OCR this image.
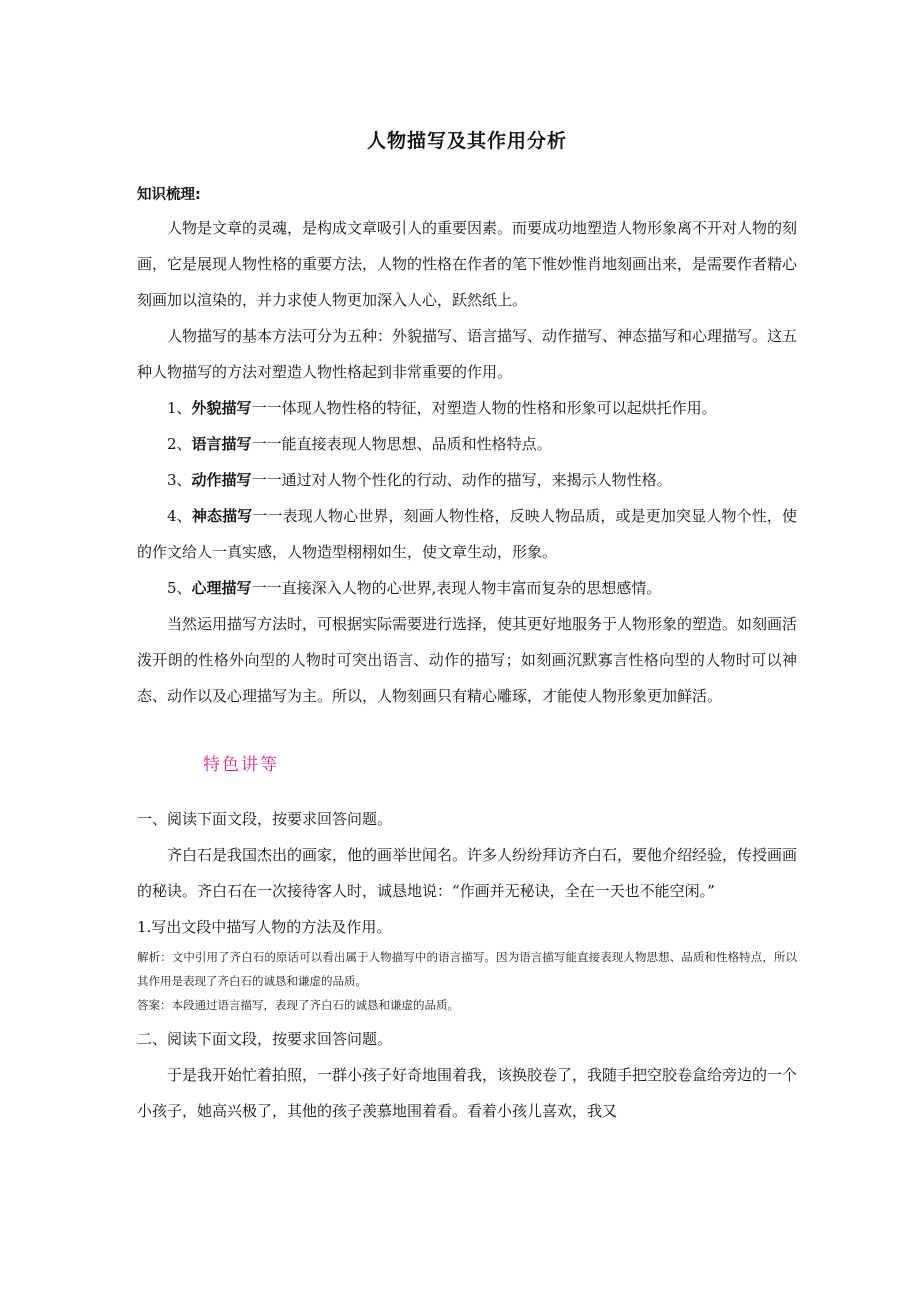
人物描写及其作用分析
知识梳理:

人物是文章的灵魂，是构成文章吸引人的重要因素。而要成功地塑造人物形象离不开对人物的刻画，它是展现人物性格的重要方法，人物的性格在作者的笔下惟妙惟肖地刻画出来，是需要作者精心刻画加以渲染的，并力求使人物更加深入人心，跃然纸上。

人物描写的基本方法可分为五种：外貌描写、语言描写、动作描写、神态描写和心理描写。这五种人物描写的方法对塑造人物性格起到非常重要的作用。

1、外貌描写一一体现人物性格的特征，对塑造人物的性格和形象可以起烘托作用。

2、语言描写一一能直接表现人物思想、品质和性格特点。

3、动作描写一一通过对人物个性化的行动、动作的描写，来揭示人物性格。

4、神态描写一一表现人物心世界，刻画人物性格，反映人物品质，或是更加突显人物个性，使的作文给人一真实感，人物造型栩栩如生，使文章生动，形象。

5、心理描写一一直接深入人物的心世界,表现人物丰富而复杂的思想感情。

当然运用描写方法时，可根据实际需要进行选择，使其更好地服务于人物形象的塑造。如刻画活泼开朗的性格外向型的人物时可突出语言、动作的描写；如刻画沉默寡言性格向型的人物时可以神态、动作以及心理描写为主。所以，人物刻画只有精心雕琢，才能使人物形象更加鲜活。

特色讲等

一、阅读下面文段，按要求回答问题。

齐白石是我国杰出的画家，他的画举世闻名。许多人纷纷拜访齐白石，要他介绍经验，传授画画的秘诀。齐白石在一次接待客人时，诚恳地说：“作画并无秘诀，全在一天也不能空闲。”

1.写出文段中描写人物的方法及作用。

解析：文中引用了齐白石的原话可以看出属于人物描写中的语言描写。因为语言描写能直接表现人物思想、品质和性格特点，所以其作用是表现了齐白石的诚恳和谦虚的品质。

答案：本段通过语言描写，表现了齐白石的诚恳和谦虚的品质。

二、阅读下面文段，按要求回答问题。

于是我开始忙着拍照，一群小孩子好奇地围着我，该换胶卷了，我随手把空胶卷盒给旁边的一个小孩子，她高兴极了，其他的孩子羡慕地围着看。看着小孩儿喜欢，我又
